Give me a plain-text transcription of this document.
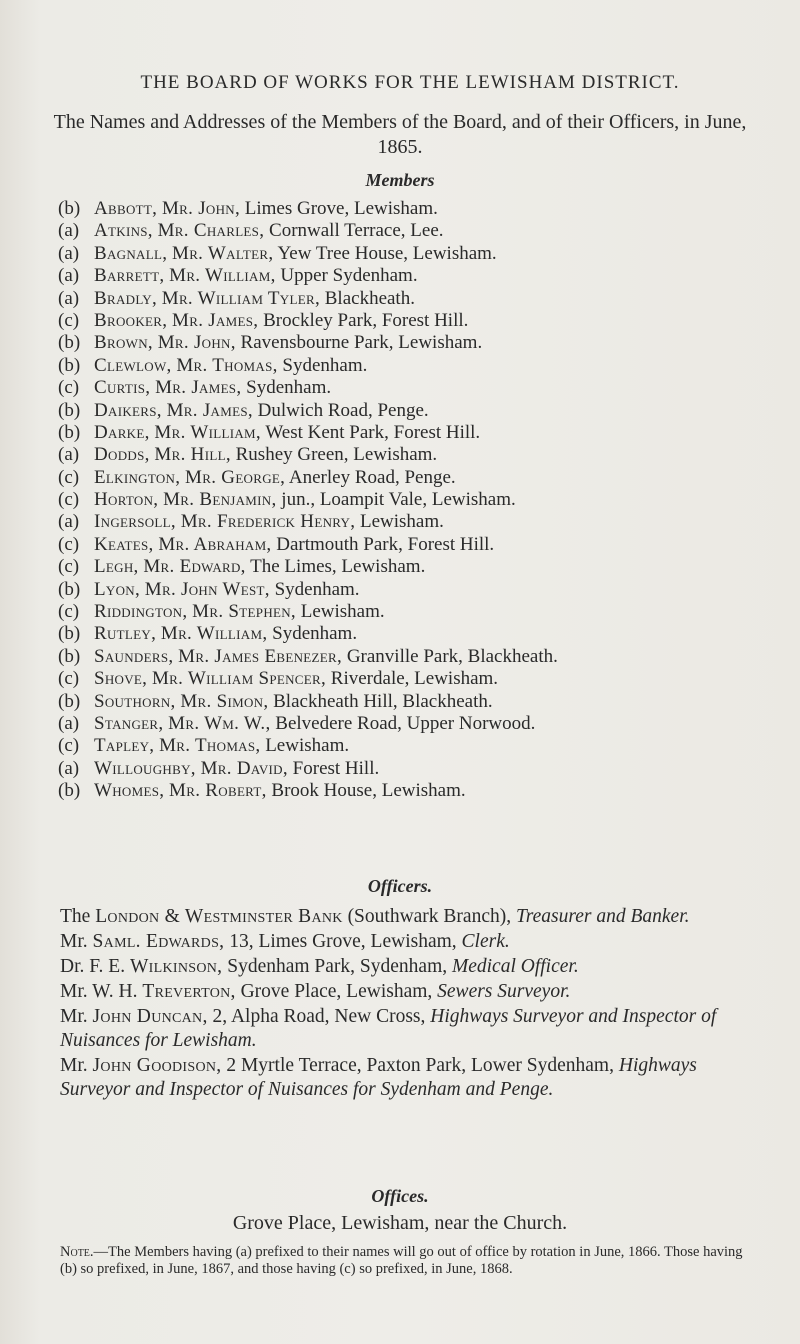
THE BOARD OF WORKS FOR THE LEWISHAM DISTRICT.
The Names and Addresses of the Members of the Board, and of their Officers, in June, 1865.
Members
(b) Abbott, Mr. John, Limes Grove, Lewisham.
(a) Atkins, Mr. Charles, Cornwall Terrace, Lee.
(a) Bagnall, Mr. Walter, Yew Tree House, Lewisham.
(a) Barrett, Mr. William, Upper Sydenham.
(a) Bradly, Mr. William Tyler, Blackheath.
(c) Brooker, Mr. James, Brockley Park, Forest Hill.
(b) Brown, Mr. John, Ravensbourne Park, Lewisham.
(b) Clewlow, Mr. Thomas, Sydenham.
(c) Curtis, Mr. James, Sydenham.
(b) Daikers, Mr. James, Dulwich Road, Penge.
(b) Darke, Mr. William, West Kent Park, Forest Hill.
(a) Dodds, Mr. Hill, Rushey Green, Lewisham.
(c) Elkington, Mr. George, Anerley Road, Penge.
(c) Horton, Mr. Benjamin, jun., Loampit Vale, Lewisham.
(a) Ingersoll, Mr. Frederick Henry, Lewisham.
(c) Keates, Mr. Abraham, Dartmouth Park, Forest Hill.
(c) Legh, Mr. Edward, The Limes, Lewisham.
(b) Lyon, Mr. John West, Sydenham.
(c) Riddington, Mr. Stephen, Lewisham.
(b) Rutley, Mr. William, Sydenham.
(b) Saunders, Mr. James Ebenezer, Granville Park, Blackheath.
(c) Shove, Mr. William Spencer, Riverdale, Lewisham.
(b) Southorn, Mr. Simon, Blackheath Hill, Blackheath.
(a) Stanger, Mr. Wm. W., Belvedere Road, Upper Norwood.
(c) Tapley, Mr. Thomas, Lewisham.
(a) Willoughby, Mr. David, Forest Hill.
(b) Whomes, Mr. Robert, Brook House, Lewisham.
Officers.
The London & Westminster Bank (Southwark Branch), Treasurer and Banker.
Mr. Saml. Edwards, 13, Limes Grove, Lewisham, Clerk.
Dr. F. E. Wilkinson, Sydenham Park, Sydenham, Medical Officer.
Mr. W. H. Treverton, Grove Place, Lewisham, Sewers Surveyor.
Mr. John Duncan, 2, Alpha Road, New Cross, Highways Surveyor and Inspector of Nuisances for Lewisham.
Mr. John Goodison, 2 Myrtle Terrace, Paxton Park, Lower Sydenham, Highways Surveyor and Inspector of Nuisances for Sydenham and Penge.
Offices.
Grove Place, Lewisham, near the Church.
Note.—The Members having (a) prefixed to their names will go out of office by rotation in June, 1866. Those having (b) so prefixed, in June, 1867, and those having (c) so prefixed, in June, 1868.
